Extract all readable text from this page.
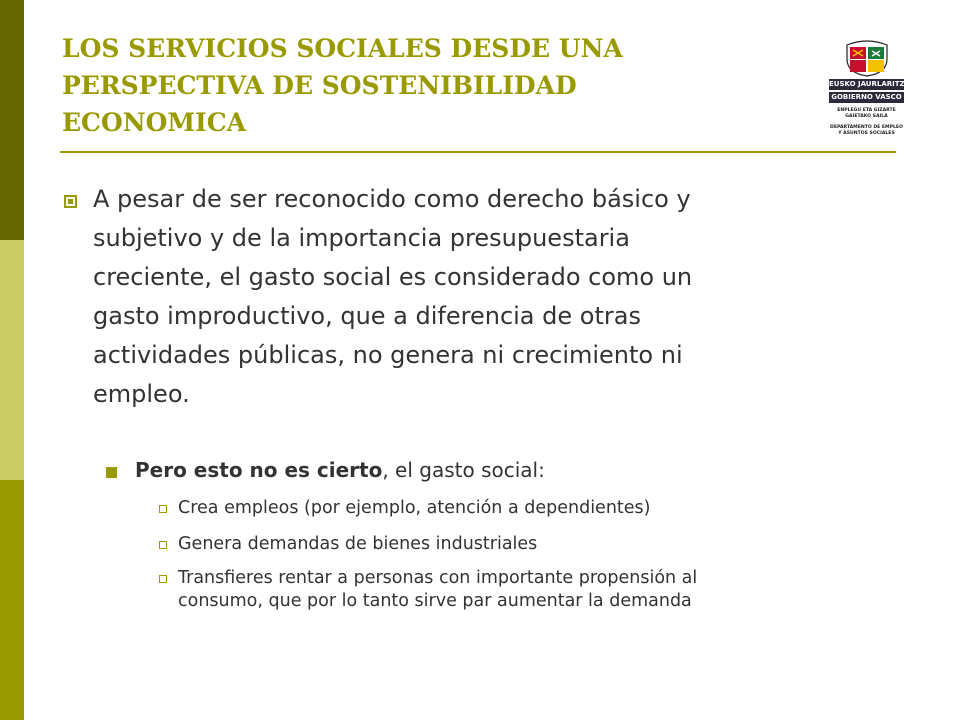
LOS SERVICIOS SOCIALES DESDE UNA
PERSPECTIVA DE SOSTENIBILIDAD
ECONOMICA
EUSKO JAURLARITZA
GOBIERNO VASCO
ENPLEGU ETA GIZARTE
GAIETAKO SAILA
DEPARTAMENTO DE EMPLEO
Y ASUNTOS SOCIALES
A pesar de ser reconocido como derecho básico y
subjetivo y de la importancia presupuestaria
creciente, el gasto social es considerado como un
gasto improductivo, que a diferencia de otras
actividades públicas, no genera ni crecimiento ni
empleo.
Pero esto no es cierto, el gasto social:
Crea empleos (por ejemplo, atención a dependientes)
Genera demandas de bienes industriales
Transfieres rentar a personas con importante propensión al
consumo, que por lo tanto sirve par aumentar la demanda
